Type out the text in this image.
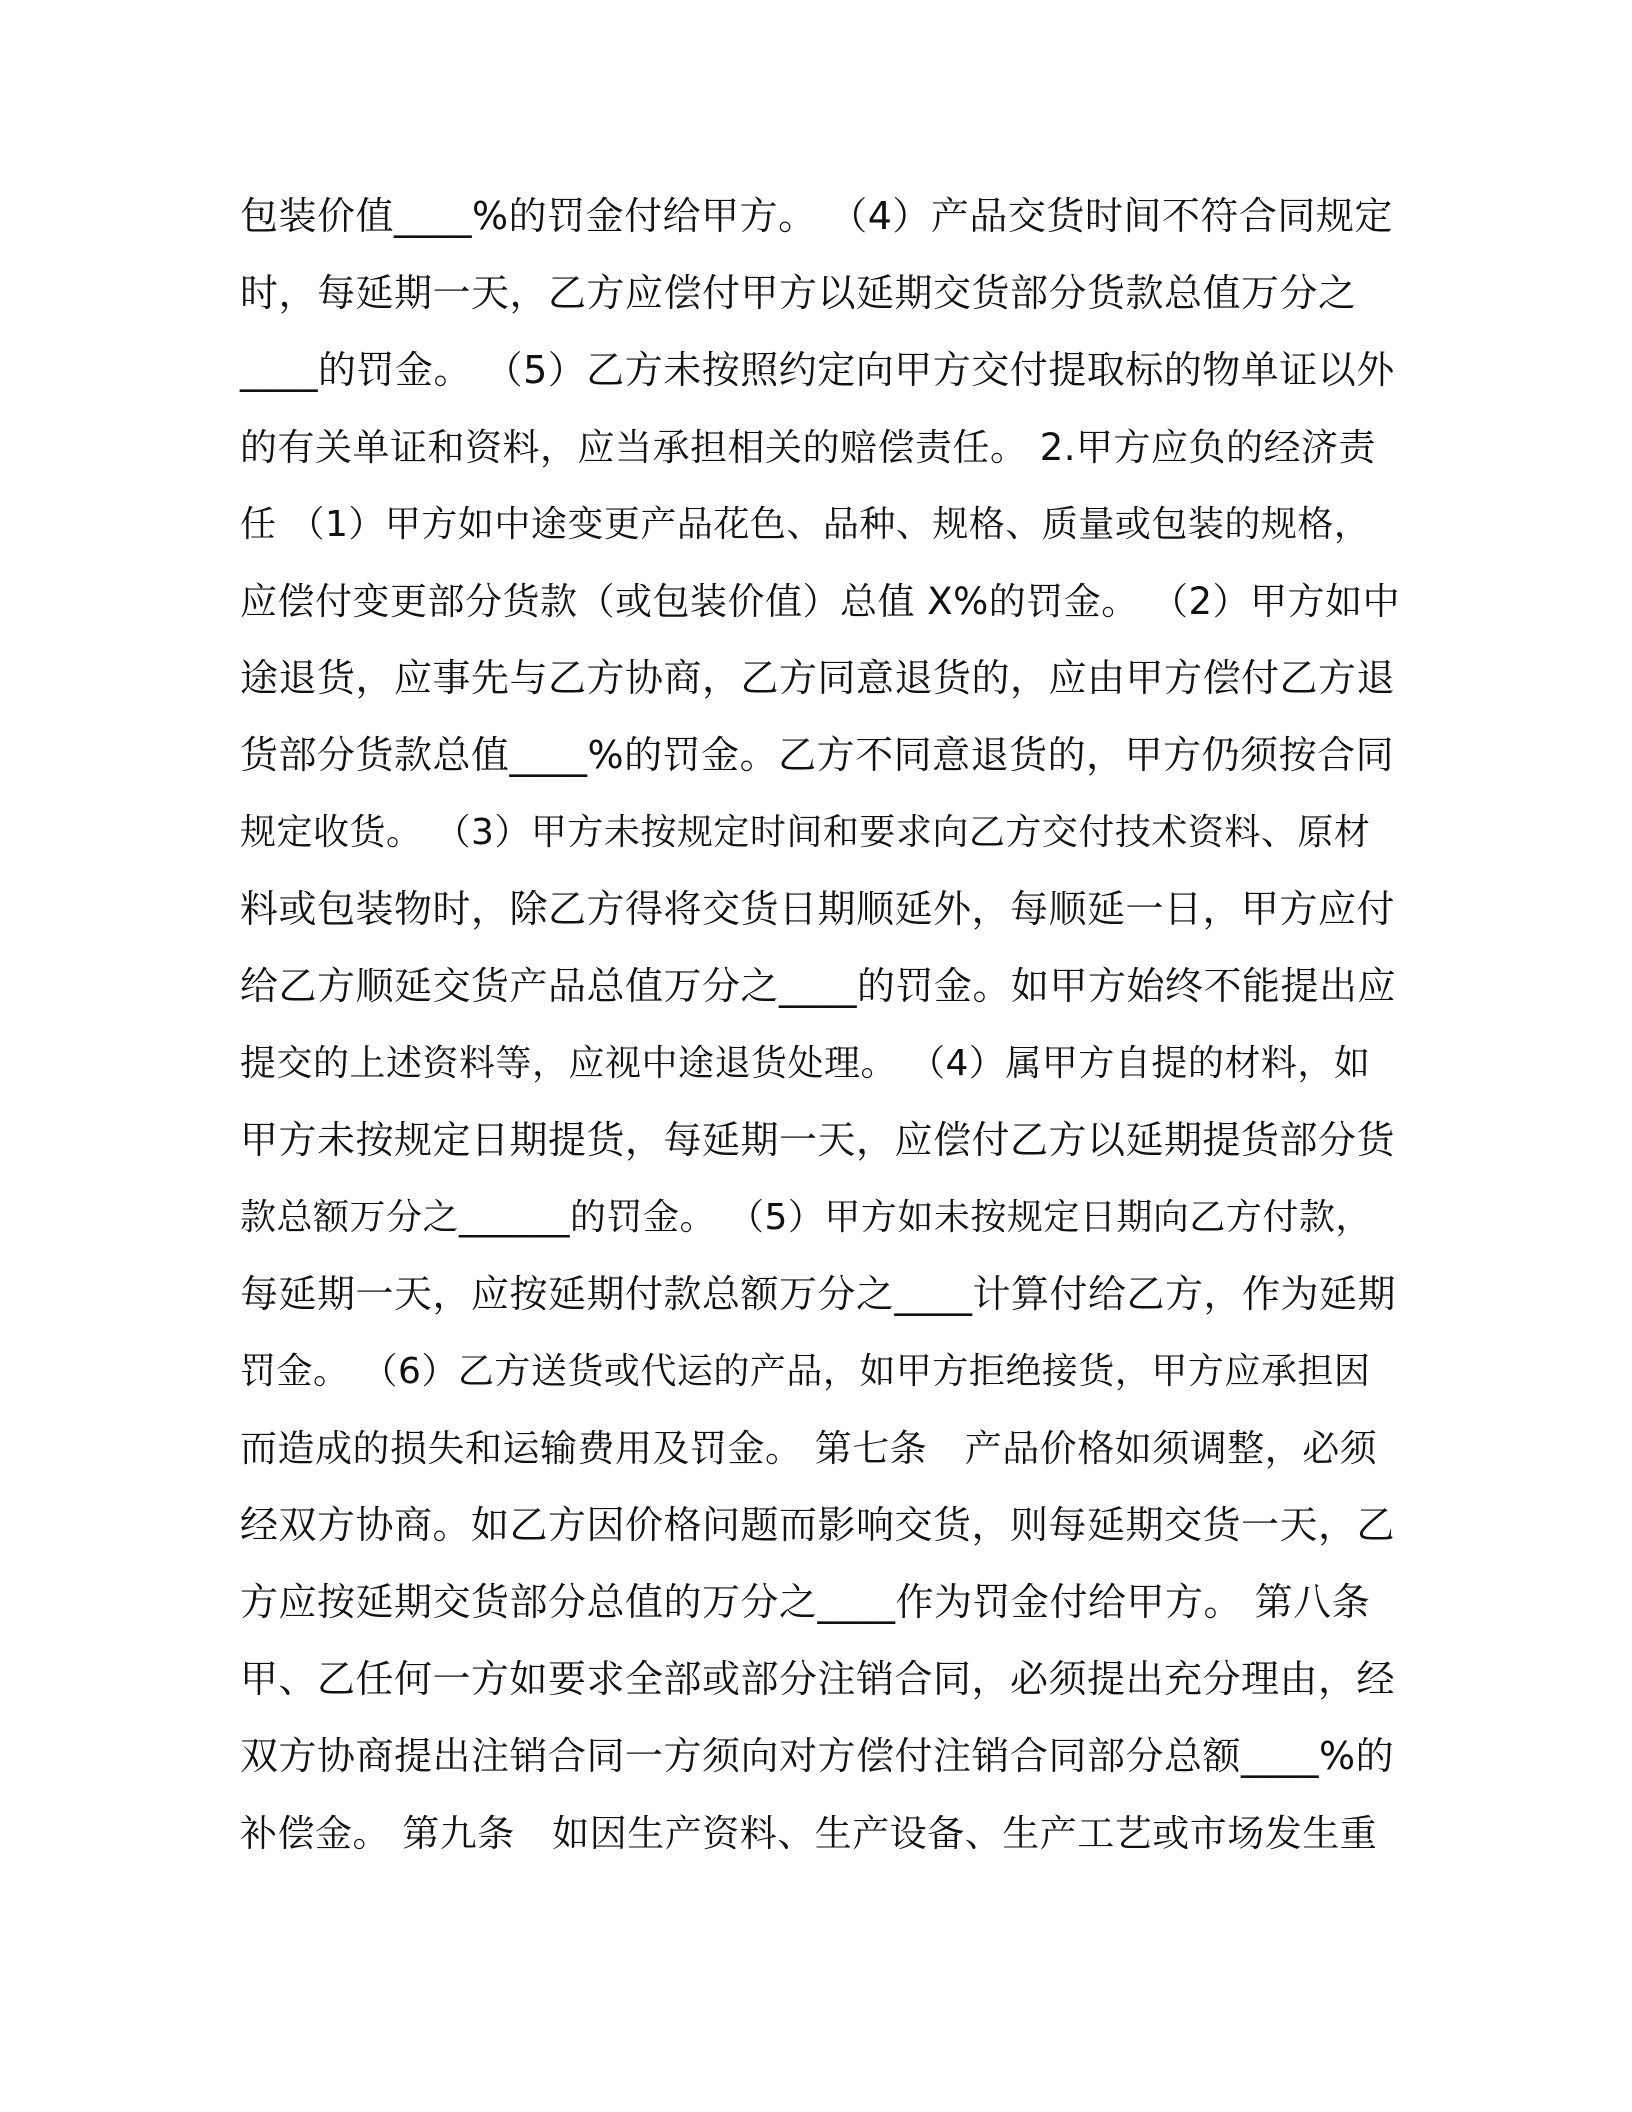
包装价值____%的罚金付给甲方。 （4）产品交货时间不符合同规定
时，每延期一天，乙方应偿付甲方以延期交货部分货款总值万分之
____的罚金。 （5）乙方未按照约定向甲方交付提取标的物单证以外
的有关单证和资料，应当承担相关的赔偿责任。 2.甲方应负的经济责
任 （1）甲方如中途变更产品花色、品种、规格、质量或包装的规格，
应偿付变更部分货款（或包装价值）总值 X%的罚金。 （2）甲方如中
途退货，应事先与乙方协商，乙方同意退货的，应由甲方偿付乙方退
货部分货款总值____%的罚金。乙方不同意退货的，甲方仍须按合同
规定收货。 （3）甲方未按规定时间和要求向乙方交付技术资料、原材
料或包装物时，除乙方得将交货日期顺延外，每顺延一日，甲方应付
给乙方顺延交货产品总值万分之____的罚金。如甲方始终不能提出应
提交的上述资料等，应视中途退货处理。 （4）属甲方自提的材料，如
甲方未按规定日期提货，每延期一天，应偿付乙方以延期提货部分货
款总额万分之______的罚金。 （5）甲方如未按规定日期向乙方付款，
每延期一天，应按延期付款总额万分之____计算付给乙方，作为延期
罚金。 （6）乙方送货或代运的产品，如甲方拒绝接货，甲方应承担因
而造成的损失和运输费用及罚金。 第七条　产品价格如须调整，必须
经双方协商。如乙方因价格问题而影响交货，则每延期交货一天，乙
方应按延期交货部分总值的万分之____作为罚金付给甲方。 第八条
甲、乙任何一方如要求全部或部分注销合同，必须提出充分理由，经
双方协商提出注销合同一方须向对方偿付注销合同部分总额____%的
补偿金。 第九条　如因生产资料、生产设备、生产工艺或市场发生重
